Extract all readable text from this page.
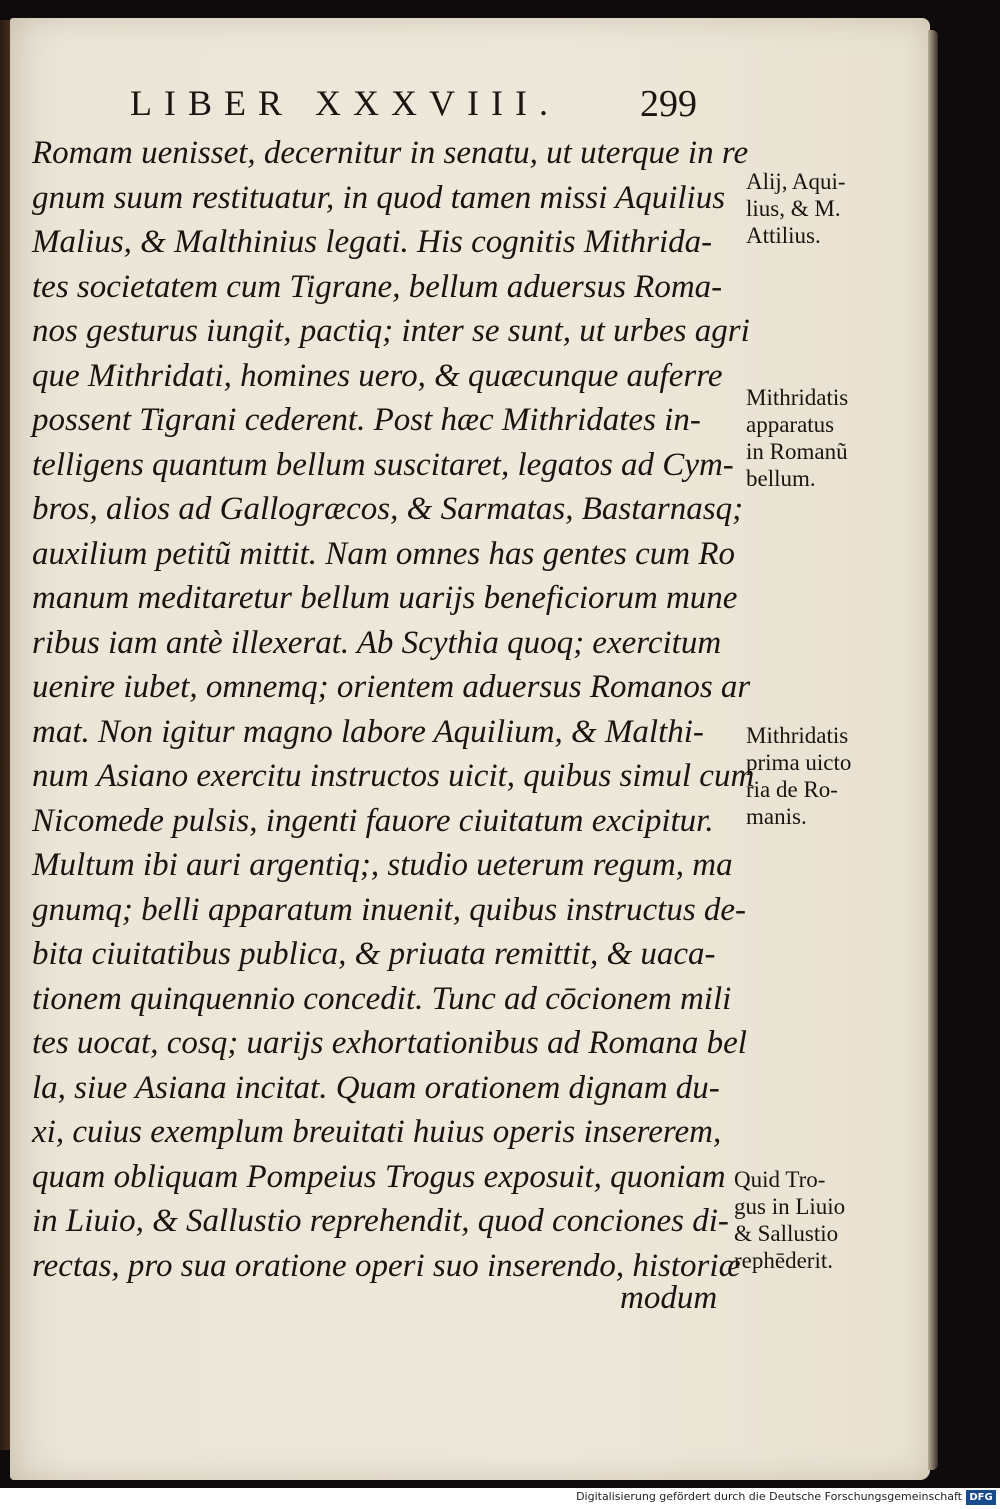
LIBER XXXVIII. 299
Romam uenisset, decernitur in senatu, ut uterque in re
gnum suum restituatur, in quod tamen missi Aquilius
Malius, & Malthinius legati. His cognitis Mithrida-
tes societatem cum Tigrane, bellum aduersus Roma-
nos gesturus iungit, pactiq; inter se sunt, ut urbes agri
que Mithridati, homines uero, & quæcunque auferre
possent Tigrani cederent. Post hæc Mithridates in-
telligens quantum bellum suscitaret, legatos ad Cym-
bros, alios ad Gallogræcos, & Sarmatas, Bastarnasq;
auxilium petitũ mittit. Nam omnes has gentes cum Ro
manum meditaretur bellum uarijs beneficiorum mune
ribus iam antè illexerat. Ab Scythia quoq; exercitum
uenire iubet, omnemq; orientem aduersus Romanos ar
mat. Non igitur magno labore Aquilium, & Malthi-
num Asiano exercitu instructos uicit, quibus simul cum
Nicomede pulsis, ingenti fauore ciuitatum excipitur.
Multum ibi auri argentiq;, studio ueterum regum, ma
gnumq; belli apparatum inuenit, quibus instructus de-
bita ciuitatibus publica, & priuata remittit, & uaca-
tionem quinquennio concedit. Tunc ad cōcionem mili
tes uocat, cosq; uarijs exhortationibus ad Romana bel
la, siue Asiana incitat. Quam orationem dignam du-
xi, cuius exemplum breuitati huius operis insererem,
quam obliquam Pompeius Trogus exposuit, quoniam
in Liuio, & Sallustio reprehendit, quod conciones di-
rectas, pro sua oratione operi suo inserendo, historiæ
modum
Alĳ, Aqui-
lius, & M.
Attilius.
Mithridatis
apparatus
in Romanũ
bellum.
Mithridatis
prima uicto
ria de Ro-
manis.
Quid Tro-
gus in Liuio
& Sallustio
rephēderit.
Digitalisierung gefördert durch die Deutsche Forschungsgemeinschaft DFG
